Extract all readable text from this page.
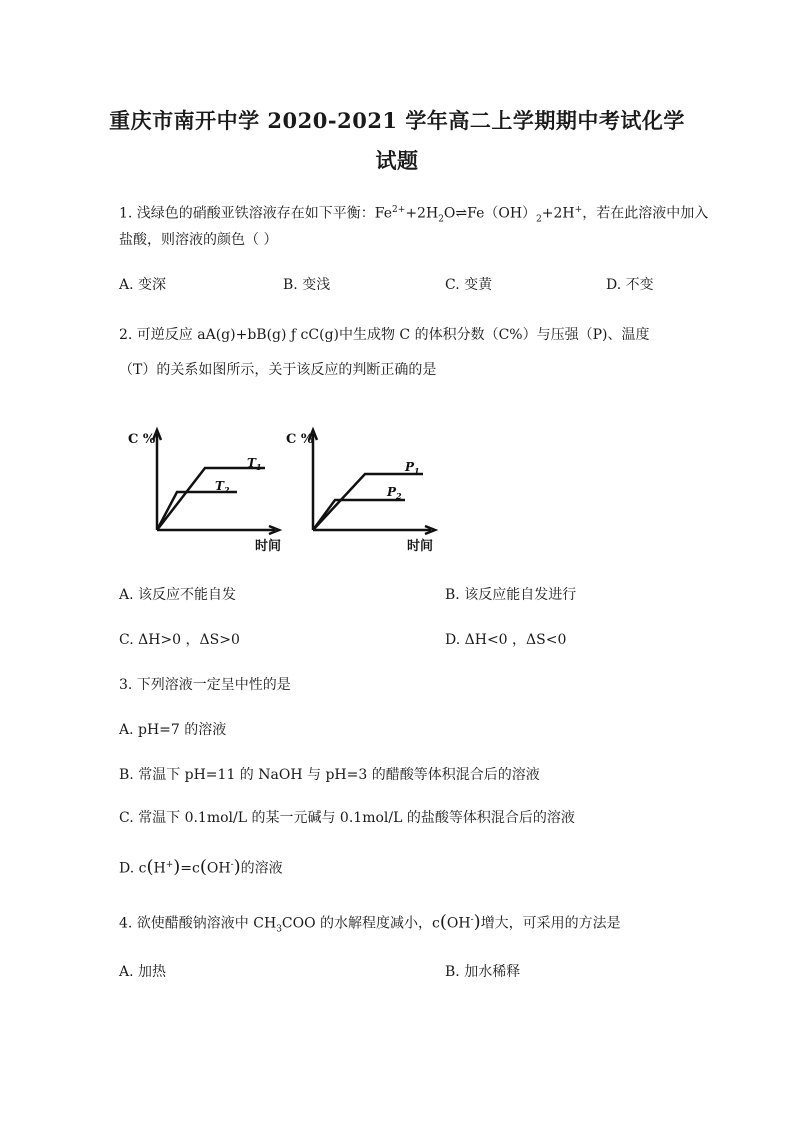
重庆市南开中学 2020-2021 学年高二上学期期中考试化学
试题
1. 浅绿色的硝酸亚铁溶液存在如下平衡：$Fe^{2+}+2H_2O\rightleftharpoons Fe(OH)_2+2H^+$，若在此溶液中加入
盐酸，则溶液的颜色（ ）
A. 变深	B. 变浅	C. 变黄	D. 不变
2. 可逆反应 aA(g)+bB(g) ƒ cC(g)中生成物 C 的体积分数（C%）与压强（P)、温度
（T）的关系如图所示，关于该反应的判断正确的是
C %
$T_1$
$T_2$
时间
C %
$P_1$
$P_2$
时间
A. 该反应不能自发	B. 该反应能自发进行
C. ΔH>0 ，ΔS>0	D. ΔH<0 ，ΔS<0
3. 下列溶液一定呈中性的是
A. pH=7 的溶液
B. 常温下 pH=11 的 NaOH 与 pH=3 的醋酸等体积混合后的溶液
C. 常温下 0.1mol/L 的某一元碱与 0.1mol/L 的盐酸等体积混合后的溶液
D. c(H+)=c(OH-)的溶液
4. 欲使醋酸钠溶液中 $CH_3COO$ 的水解程度减小，c(OH-)增大，可采用的方法是
A. 加热	B. 加水稀释
